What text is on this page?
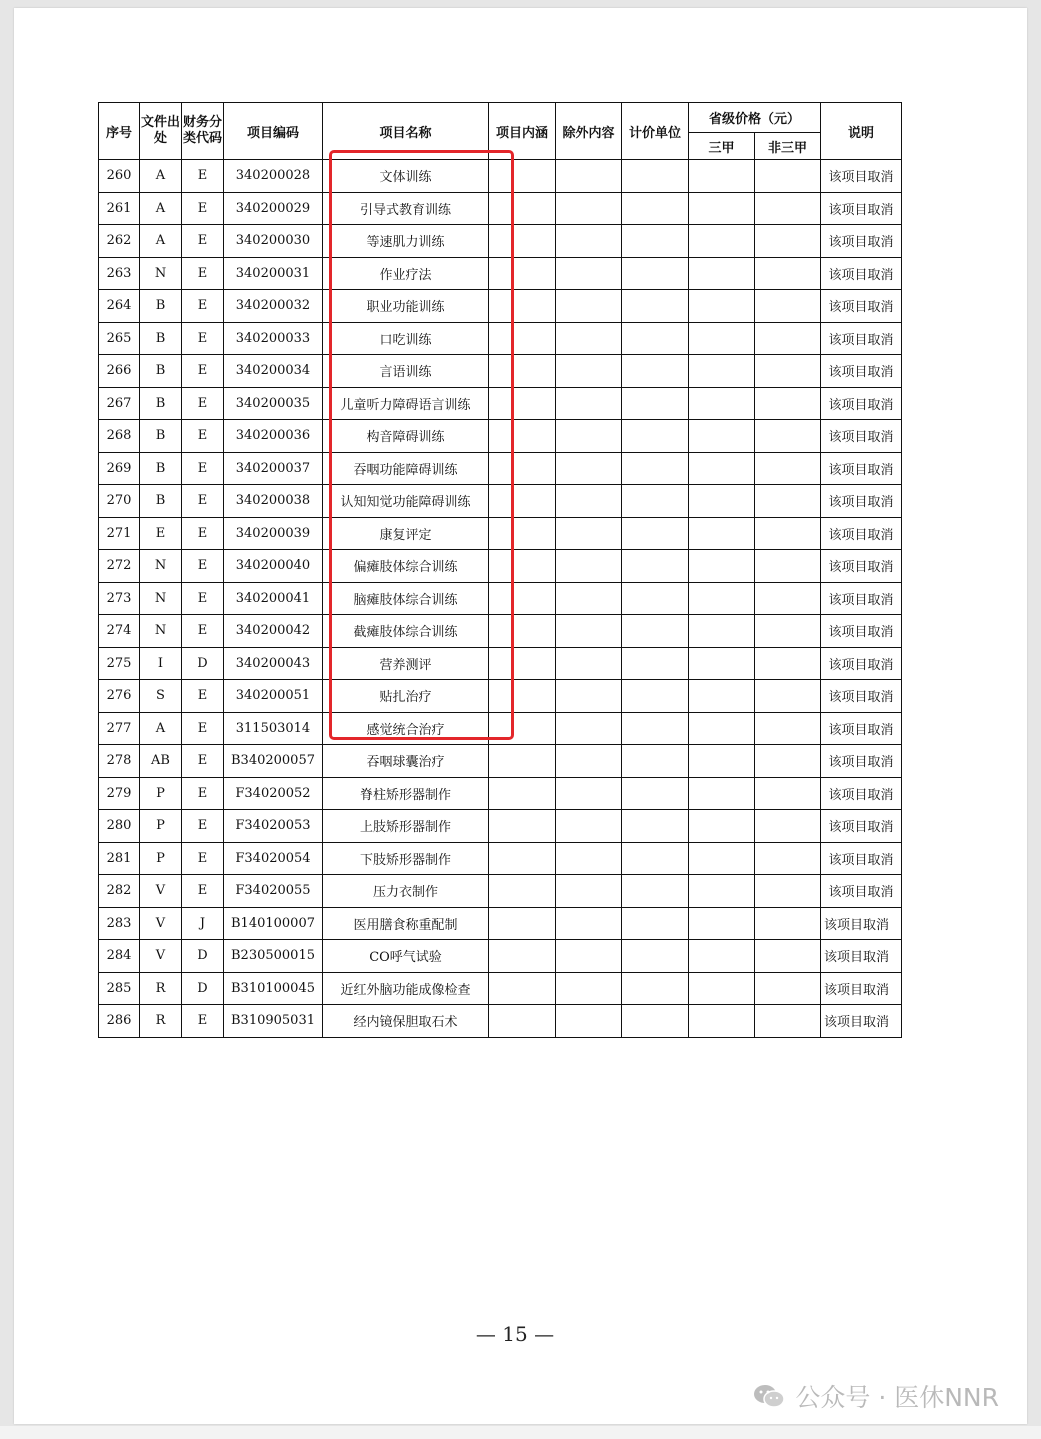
序号	文件出处	财务分类代码	项目编码	项目名称	项目内涵	除外内容	计价单位	省级价格（元）		说明
								三甲	非三甲	
260	A	E	340200028	文体训练						该项目取消
261	A	E	340200029	引导式教育训练						该项目取消
262	A	E	340200030	等速肌力训练						该项目取消
263	N	E	340200031	作业疗法						该项目取消
264	B	E	340200032	职业功能训练						该项目取消
265	B	E	340200033	口吃训练						该项目取消
266	B	E	340200034	言语训练						该项目取消
267	B	E	340200035	儿童听力障碍语言训练						该项目取消
268	B	E	340200036	构音障碍训练						该项目取消
269	B	E	340200037	吞咽功能障碍训练						该项目取消
270	B	E	340200038	认知知觉功能障碍训练						该项目取消
271	E	E	340200039	康复评定						该项目取消
272	N	E	340200040	偏瘫肢体综合训练						该项目取消
273	N	E	340200041	脑瘫肢体综合训练						该项目取消
274	N	E	340200042	截瘫肢体综合训练						该项目取消
275	I	D	340200043	营养测评						该项目取消
276	S	E	340200051	贴扎治疗						该项目取消
277	A	E	311503014	感觉统合治疗						该项目取消
278	AB	E	B340200057	吞咽球囊治疗						该项目取消
279	P	E	F34020052	脊柱矫形器制作						该项目取消
280	P	E	F34020053	上肢矫形器制作						该项目取消
281	P	E	F34020054	下肢矫形器制作						该项目取消
282	V	E	F34020055	压力衣制作						该项目取消
283	V	J	B140100007	医用膳食称重配制						该项目取消
284	V	D	B230500015	CO呼气试验						该项目取消
285	R	D	B310100045	近红外脑功能成像检查						该项目取消
286	R	E	B310905031	经内镜保胆取石术						该项目取消
— 15 —
公众号 · 医休NNR
